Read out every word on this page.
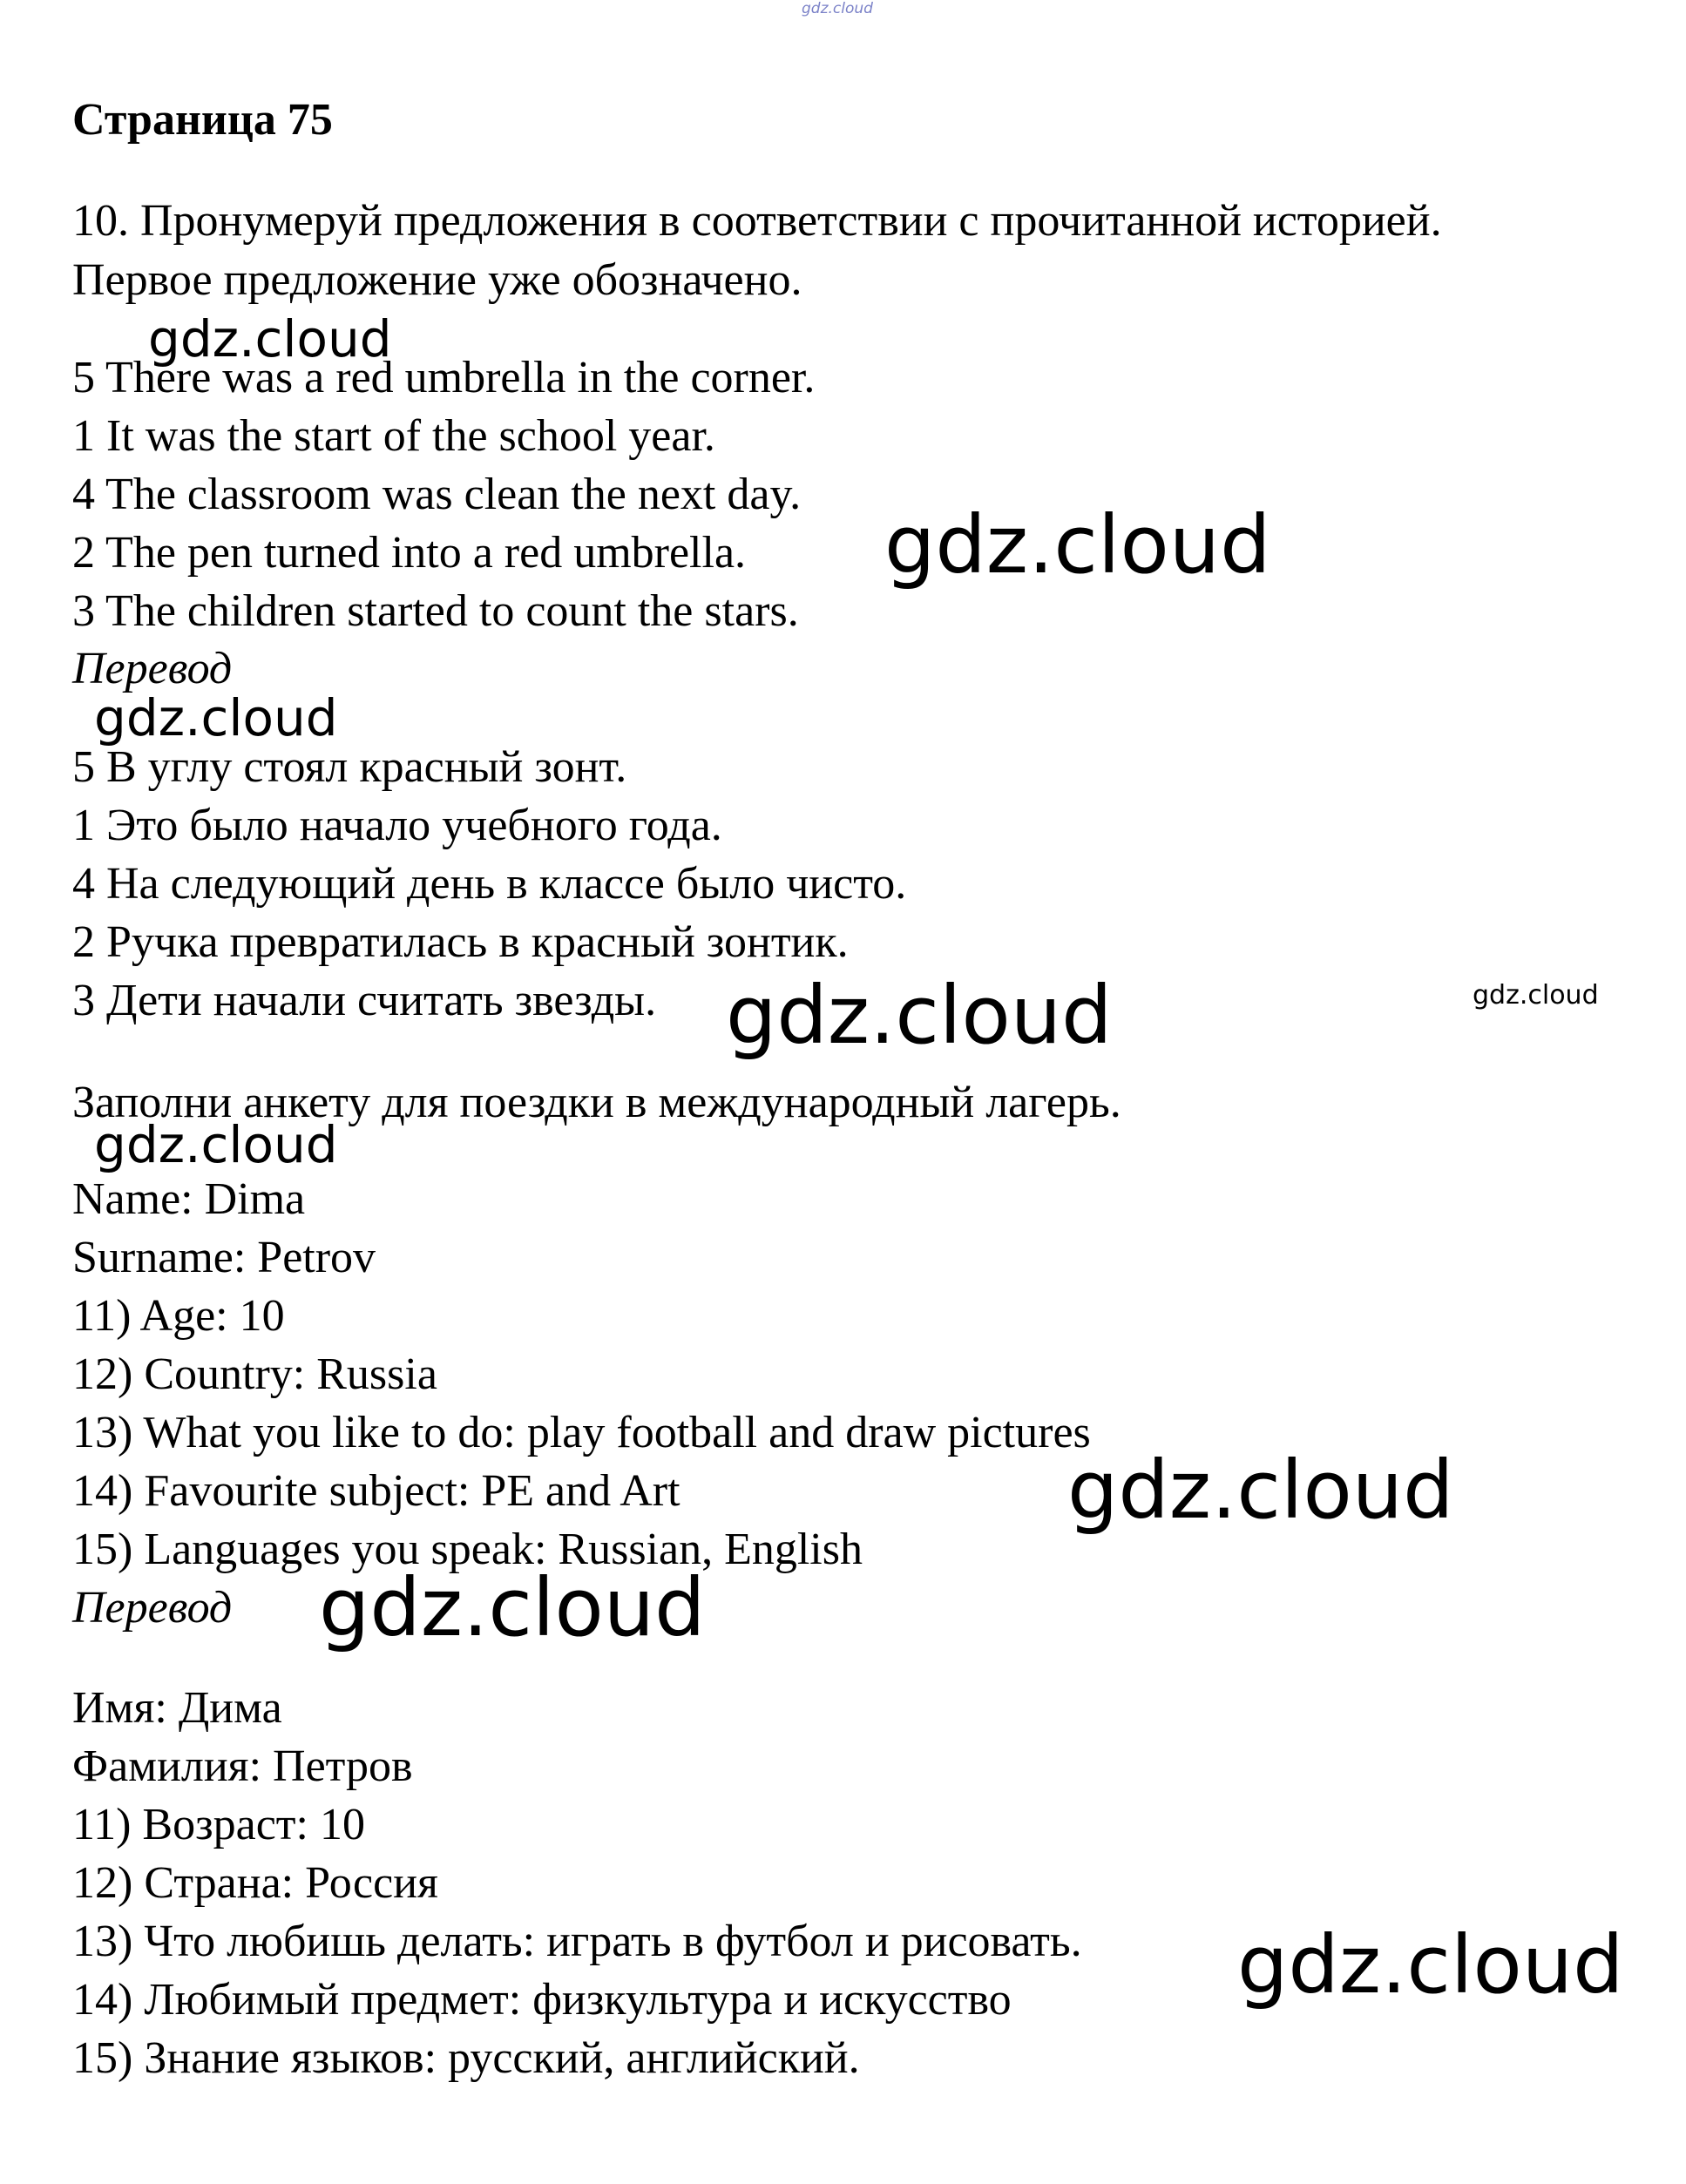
gdz.cloud
Страница 75
10. Пронумеруй предложения в соответствии с прочитанной историей.
Первое предложение уже обозначено.
5 There was a red umbrella in the corner.
1 It was the start of the school year.
4 The classroom was clean the next day.
2 The pen turned into a red umbrella.
3 The children started to count the stars.
Перевод
5 В углу стоял красный зонт.
1 Это было начало учебного года.
4 На следующий день в классе было чисто.
2 Ручка превратилась в красный зонтик.
3 Дети начали считать звезды.
Заполни анкету для поездки в международный лагерь.
Name: Dima
Surname: Petrov
11) Age: 10
12) Country: Russia
13) What you like to do: play football and draw pictures
14) Favourite subject: PE and Art
15) Languages you speak: Russian, English
Перевод
Имя: Дима
Фамилия: Петров
11) Возраст: 10
12) Страна: Россия
13) Что любишь делать: играть в футбол и рисовать.
14) Любимый предмет: физкультура и искусство
15) Знание языков: русский, английский.
gdz.cloud
gdz.cloud
gdz.cloud
gdz.cloud	gdz.cloud
gdz.cloud
gdz.cloud
gdz.cloud
gdz.cloud
